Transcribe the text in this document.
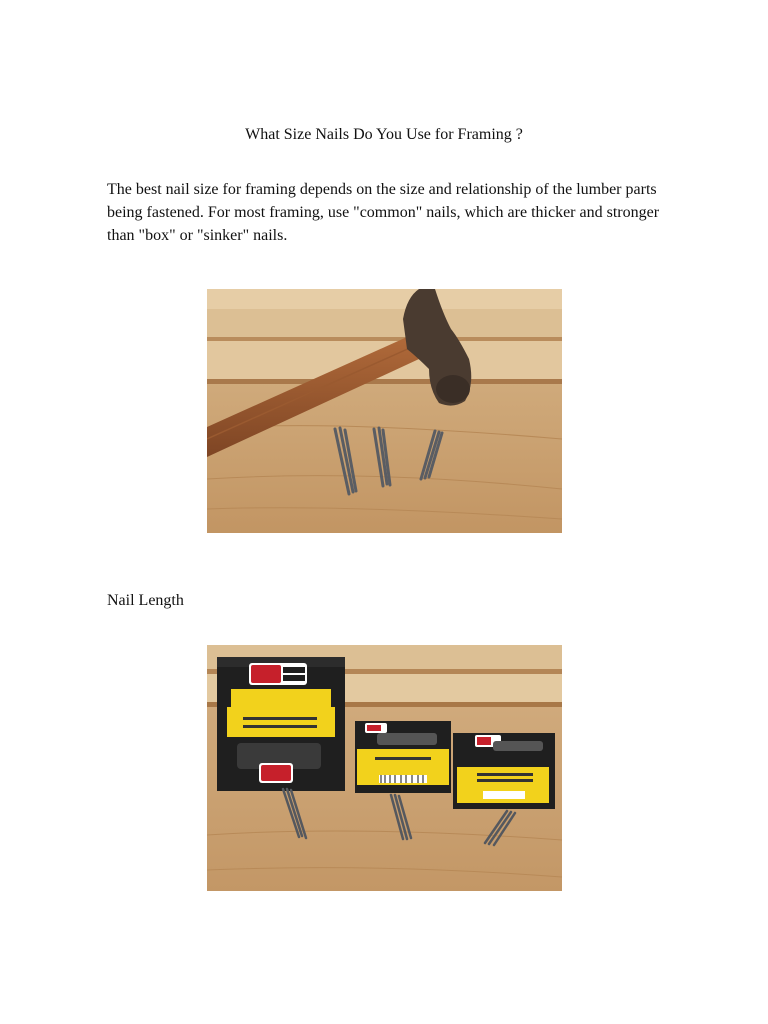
What Size Nails Do You Use for Framing ?

The best nail size for framing depends on the size and relationship of the lumber parts being fastened. For most framing, use "common" nails, which are thicker and stronger than "box" or "sinker" nails.

Nail Length
